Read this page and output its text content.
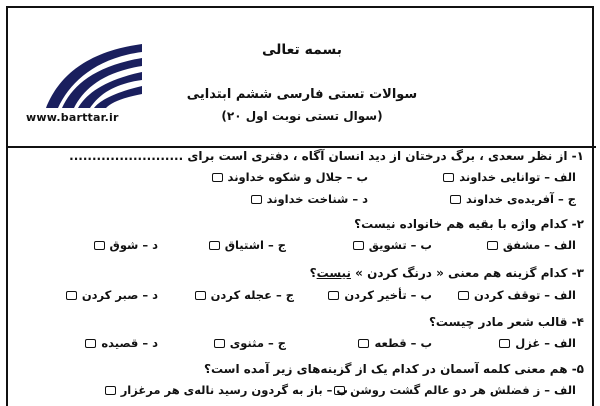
www.barttar.ir
بسمه تعالی
سوالات تستی فارسی ششم ابتدایی
(۲۰ سوال تستی نوبت اول)
۱- از نظر سعدی ، برگ درختان از دید انسان آگاه ، دفتری است برای .........................
الف – توانایی خداوند
ب – جلال و شکوه خداوند
ج – آفریده‌ی خداوند
د – شناخت خداوند
۲- کدام واژه با بقیه هم خانواده نیست؟
الف – مشفق
ب – تشویق
ج – اشتیاق
د – شوق
۳- کدام گزینه هم معنی « درنگ کردن » نیست؟
الف – توقف کردن
ب – تأخیر کردن
ج – عجله کردن
د – صبر کردن
۴- قالب شعر مادر چیست؟
الف – غزل
ب – قطعه
ج – مثنوی
د – قصیده
۵- هم معنی کلمه آسمان در کدام یک از گزینه‌های زیر آمده است؟
الف – ز فضلش هر دو عالم گشت روشن
ب – باز به گردون رسید ناله‌ی هر مرغزار
